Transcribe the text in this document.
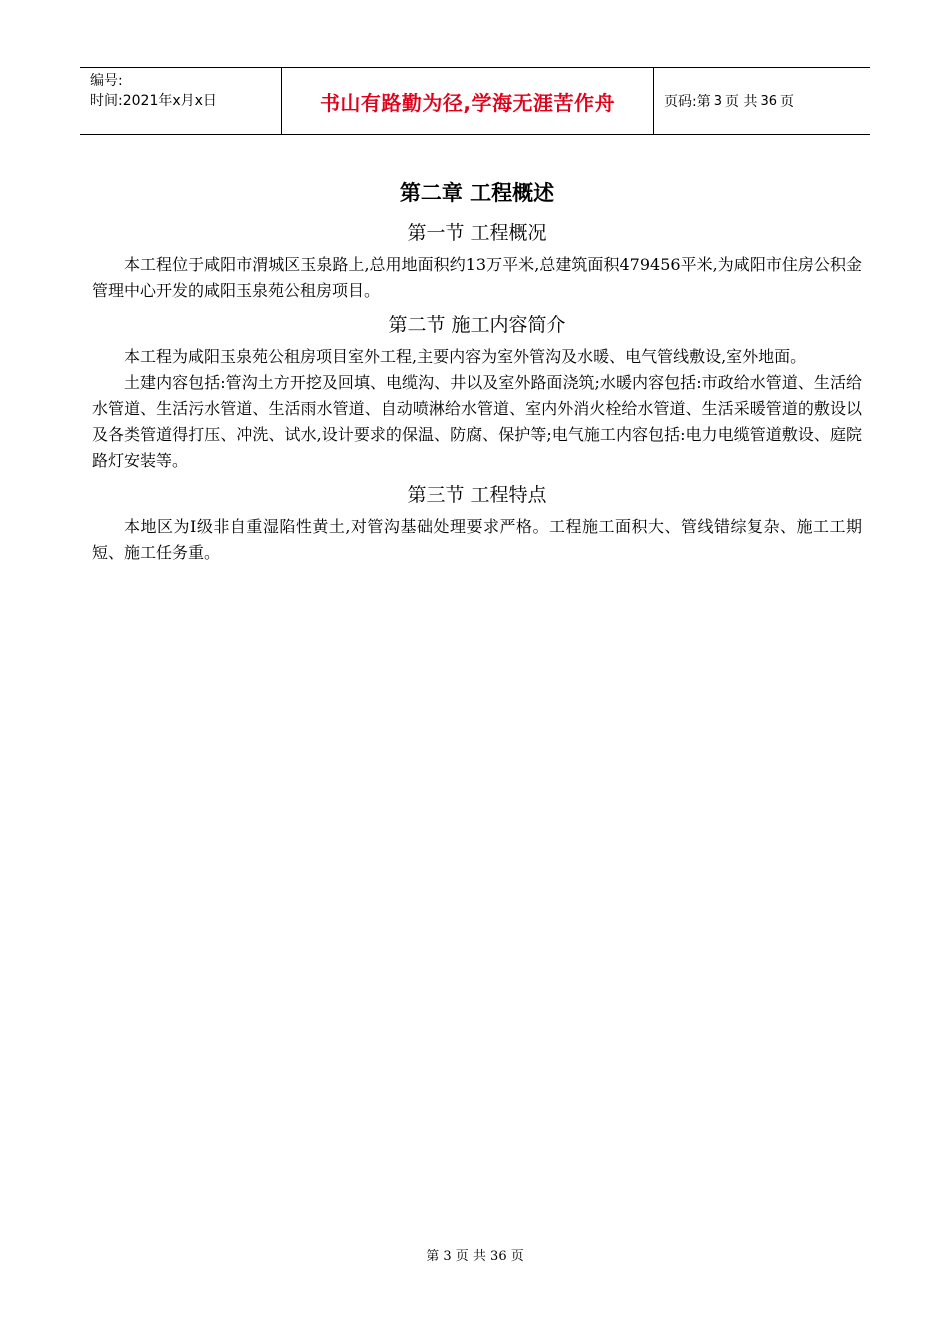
编号:
时间:2021年x月x日	书山有路勤为径,学海无涯苦作舟	页码:第 3 页 共 36 页
第二章 工程概述
第一节 工程概况

本工程位于咸阳市渭城区玉泉路上,总用地面积约13万平米,总建筑面积479456平米,为咸阳市住房公积金管理中心开发的咸阳玉泉苑公租房项目。

第二节 施工内容简介

本工程为咸阳玉泉苑公租房项目室外工程,主要内容为室外管沟及水暖、电气管线敷设,室外地面。

土建内容包括:管沟土方开挖及回填、电缆沟、井以及室外路面浇筑;水暖内容包括:市政给水管道、生活给水管道、生活污水管道、生活雨水管道、自动喷淋给水管道、室内外消火栓给水管道、生活采暖管道的敷设以及各类管道得打压、冲洗、试水,设计要求的保温、防腐、保护等;电气施工内容包括:电力电缆管道敷设、庭院路灯安装等。

第三节 工程特点

本地区为Ⅰ级非自重湿陷性黄土,对管沟基础处理要求严格。工程施工面积大、管线错综复杂、施工工期短、施工任务重。

第 3 页 共 36 页
